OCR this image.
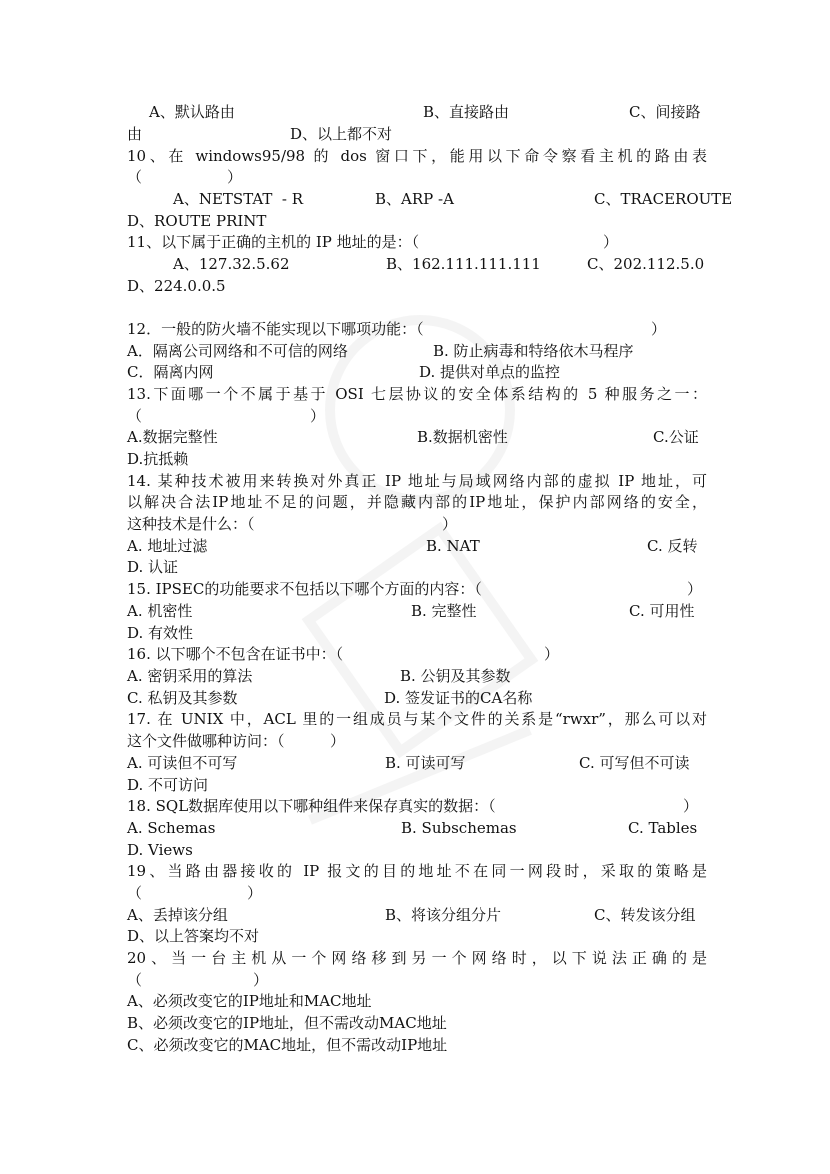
A、默认路由

	B、直接路由

	C、间接路

由

	D、以上都不对

10、在 windows95/98 的 dos 窗口下，能用以下命令察看主机的路由表

（

	）

A、NETSTAT  - R

	B、ARP -A

	C、TRACEROUTE

D、ROUTE PRINT

11、以下属于正确的主机的 IP 地址的是：（

	）

A、127.32.5.62

	B、162.111.111.111

	C、202.112.5.0

D、224.0.0.5

12．一般的防火墙不能实现以下哪项功能：（

	）

A．隔离公司网络和不可信的网络

	B. 防止病毒和特络依木马程序

C．隔离内网

	D. 提供对单点的监控

13.下面哪一个不属于基于 OSI 七层协议的安全体系结构的 5 种服务之一：

（

	）

A.数据完整性

	B.数据机密性

	C.公证

D.抗抵赖
14. 某种技术被用来转换对外真正 IP 地址与局域网络内部的虚拟 IP 地址，可
以解决合法IP地址不足的问题，并隐藏内部的IP地址，保护内部网络的安全，

这种技术是什么：（

	）

A. 地址过滤

	B. NAT

	C. 反转

D. 认证

15. IPSEC的功能要求不包括以下哪个方面的内容：（

	）

A. 机密性

	B. 完整性

	C. 可用性

D. 有效性

16. 以下哪个不包含在证书中：（

	）

A. 密钥采用的算法

	B. 公钥及其参数

C. 私钥及其参数

	D. 签发证书的CA名称

17. 在 UNIX 中，ACL 里的一组成员与某个文件的关系是“rwxr”，那么可以对

这个文件做哪种访问：（

	）

A. 可读但不可写

	B. 可读可写

	C. 可写但不可读

D. 不可访问

18. SQL数据库使用以下哪种组件来保存真实的数据：（

	）

A. Schemas

	B. Subschemas

	C. Tables

D. Views
19、当路由器接收的 IP 报文的目的地址不在同一网段时，采取的策略是

（

	）

A、丢掉该分组

	B、将该分组分片

	C、转发该分组

D、以上答案均不对
20、当一台主机从一个网络移到另一个网络时，以下说法正确的是

（

	）

A、必须改变它的IP地址和MAC地址
B、必须改变它的IP地址，但不需改动MAC地址
C、必须改变它的MAC地址，但不需改动IP地址
